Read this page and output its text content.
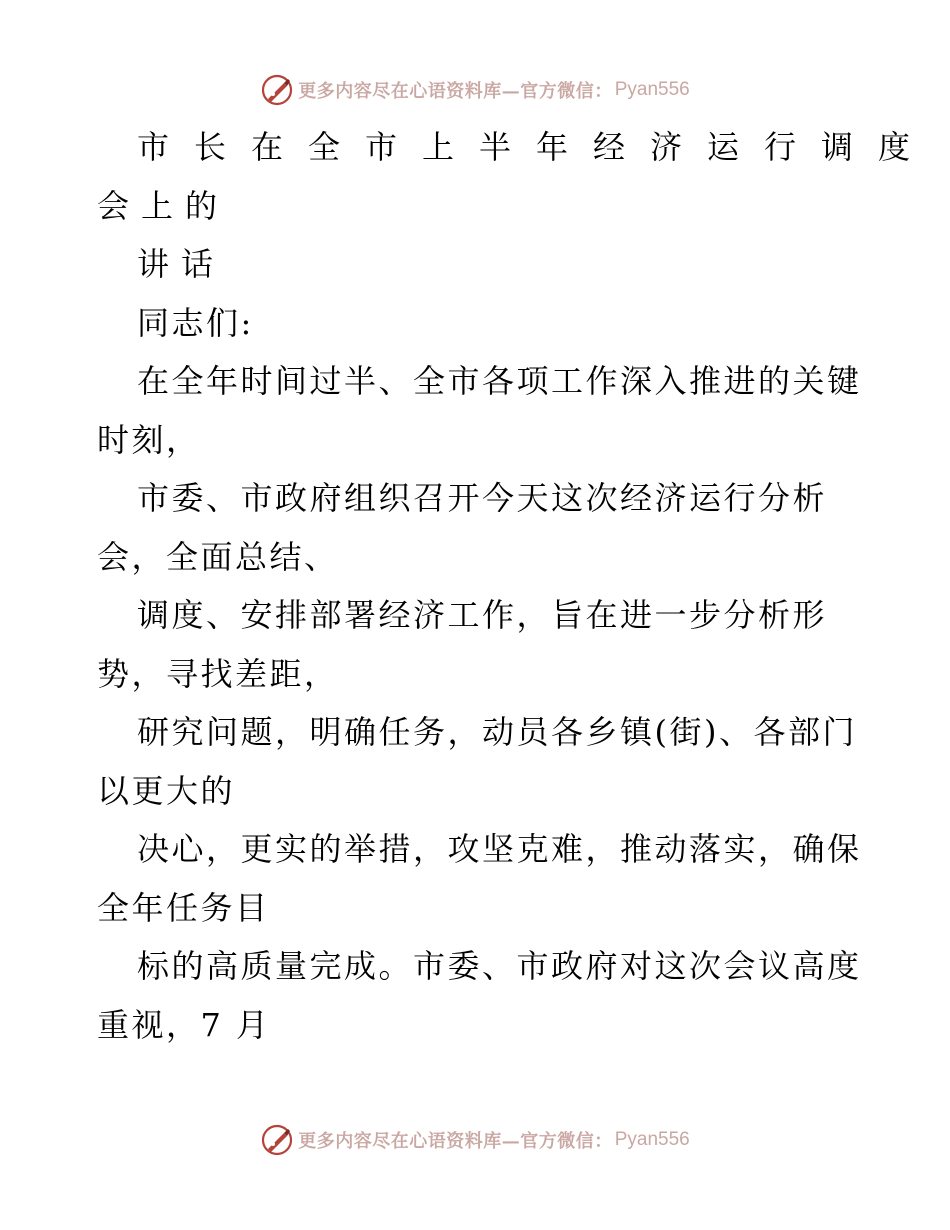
更多内容尽在心语资料库—官方微信： Pyan556
市长在全市上半年经济运行调度
会上的
讲话
同志们:
在全年时间过半、全市各项工作深入推进的关键
时刻，
市委、市政府组织召开今天这次经济运行分析
会，全面总结、
调度、安排部署经济工作，旨在进一步分析形
势，寻找差距，
研究问题，明确任务，动员各乡镇(街)、各部门
以更大的
决心，更实的举措，攻坚克难，推动落实，确保
全年任务目
标的高质量完成。市委、市政府对这次会议高度
重视，7 月
更多内容尽在心语资料库—官方微信： Pyan556
